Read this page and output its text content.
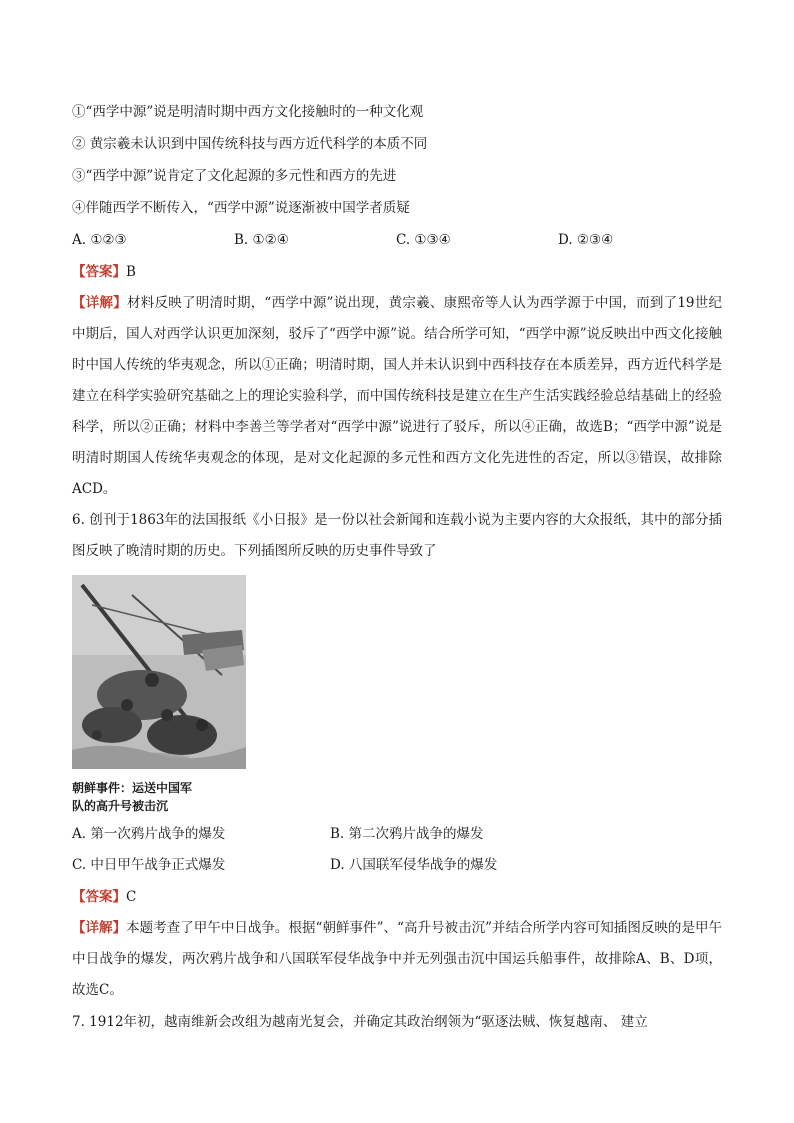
①“西学中源”说是明清时期中西方文化接触时的一种文化观
② 黄宗羲未认识到中国传统科技与西方近代科学的本质不同
③“西学中源”说肯定了文化起源的多元性和西方的先进
④伴随西学不断传入，“西学中源”说逐渐被中国学者质疑
A. ①②③	B. ①②④	C. ①③④	D. ②③④
【答案】B
【详解】材料反映了明清时期，“西学中源”说出现，黄宗羲、康熙帝等人认为西学源于中国，而到了19世纪中期后，国人对西学认识更加深刻，驳斥了“西学中源”说。结合所学可知，“西学中源”说反映出中西文化接触时中国人传统的华夷观念，所以①正确；明清时期，国人并未认识到中西科技存在本质差异，西方近代科学是建立在科学实验研究基础之上的理论实验科学，而中国传统科技是建立在生产生活实践经验总结基础上的经验科学，所以②正确；材料中李善兰等学者对“西学中源”说进行了驳斥，所以④正确，故选B；“西学中源”说是明清时期国人传统华夷观念的体现，是对文化起源的多元性和西方文化先进性的否定，所以③错误，故排除ACD。
6. 创刊于1863年的法国报纸《小日报》是一份以社会新闻和连载小说为主要内容的大众报纸，其中的部分插图反映了晚清时期的历史。下列插图所反映的历史事件导致了
朝鲜事件：运送中国军
队的高升号被击沉
A. 第一次鸦片战争的爆发	B. 第二次鸦片战争的爆发
C. 中日甲午战争正式爆发	D. 八国联军侵华战争的爆发
【答案】C
【详解】本题考查了甲午中日战争。根据“朝鲜事件”、“高升号被击沉”并结合所学内容可知插图反映的是甲午中日战争的爆发，两次鸦片战争和八国联军侵华战争中并无列强击沉中国运兵船事件，故排除A、B、D项，故选C。
7. 1912年初，越南维新会改组为越南光复会，并确定其政治纲领为“驱逐法贼、恢复越南、 建立
